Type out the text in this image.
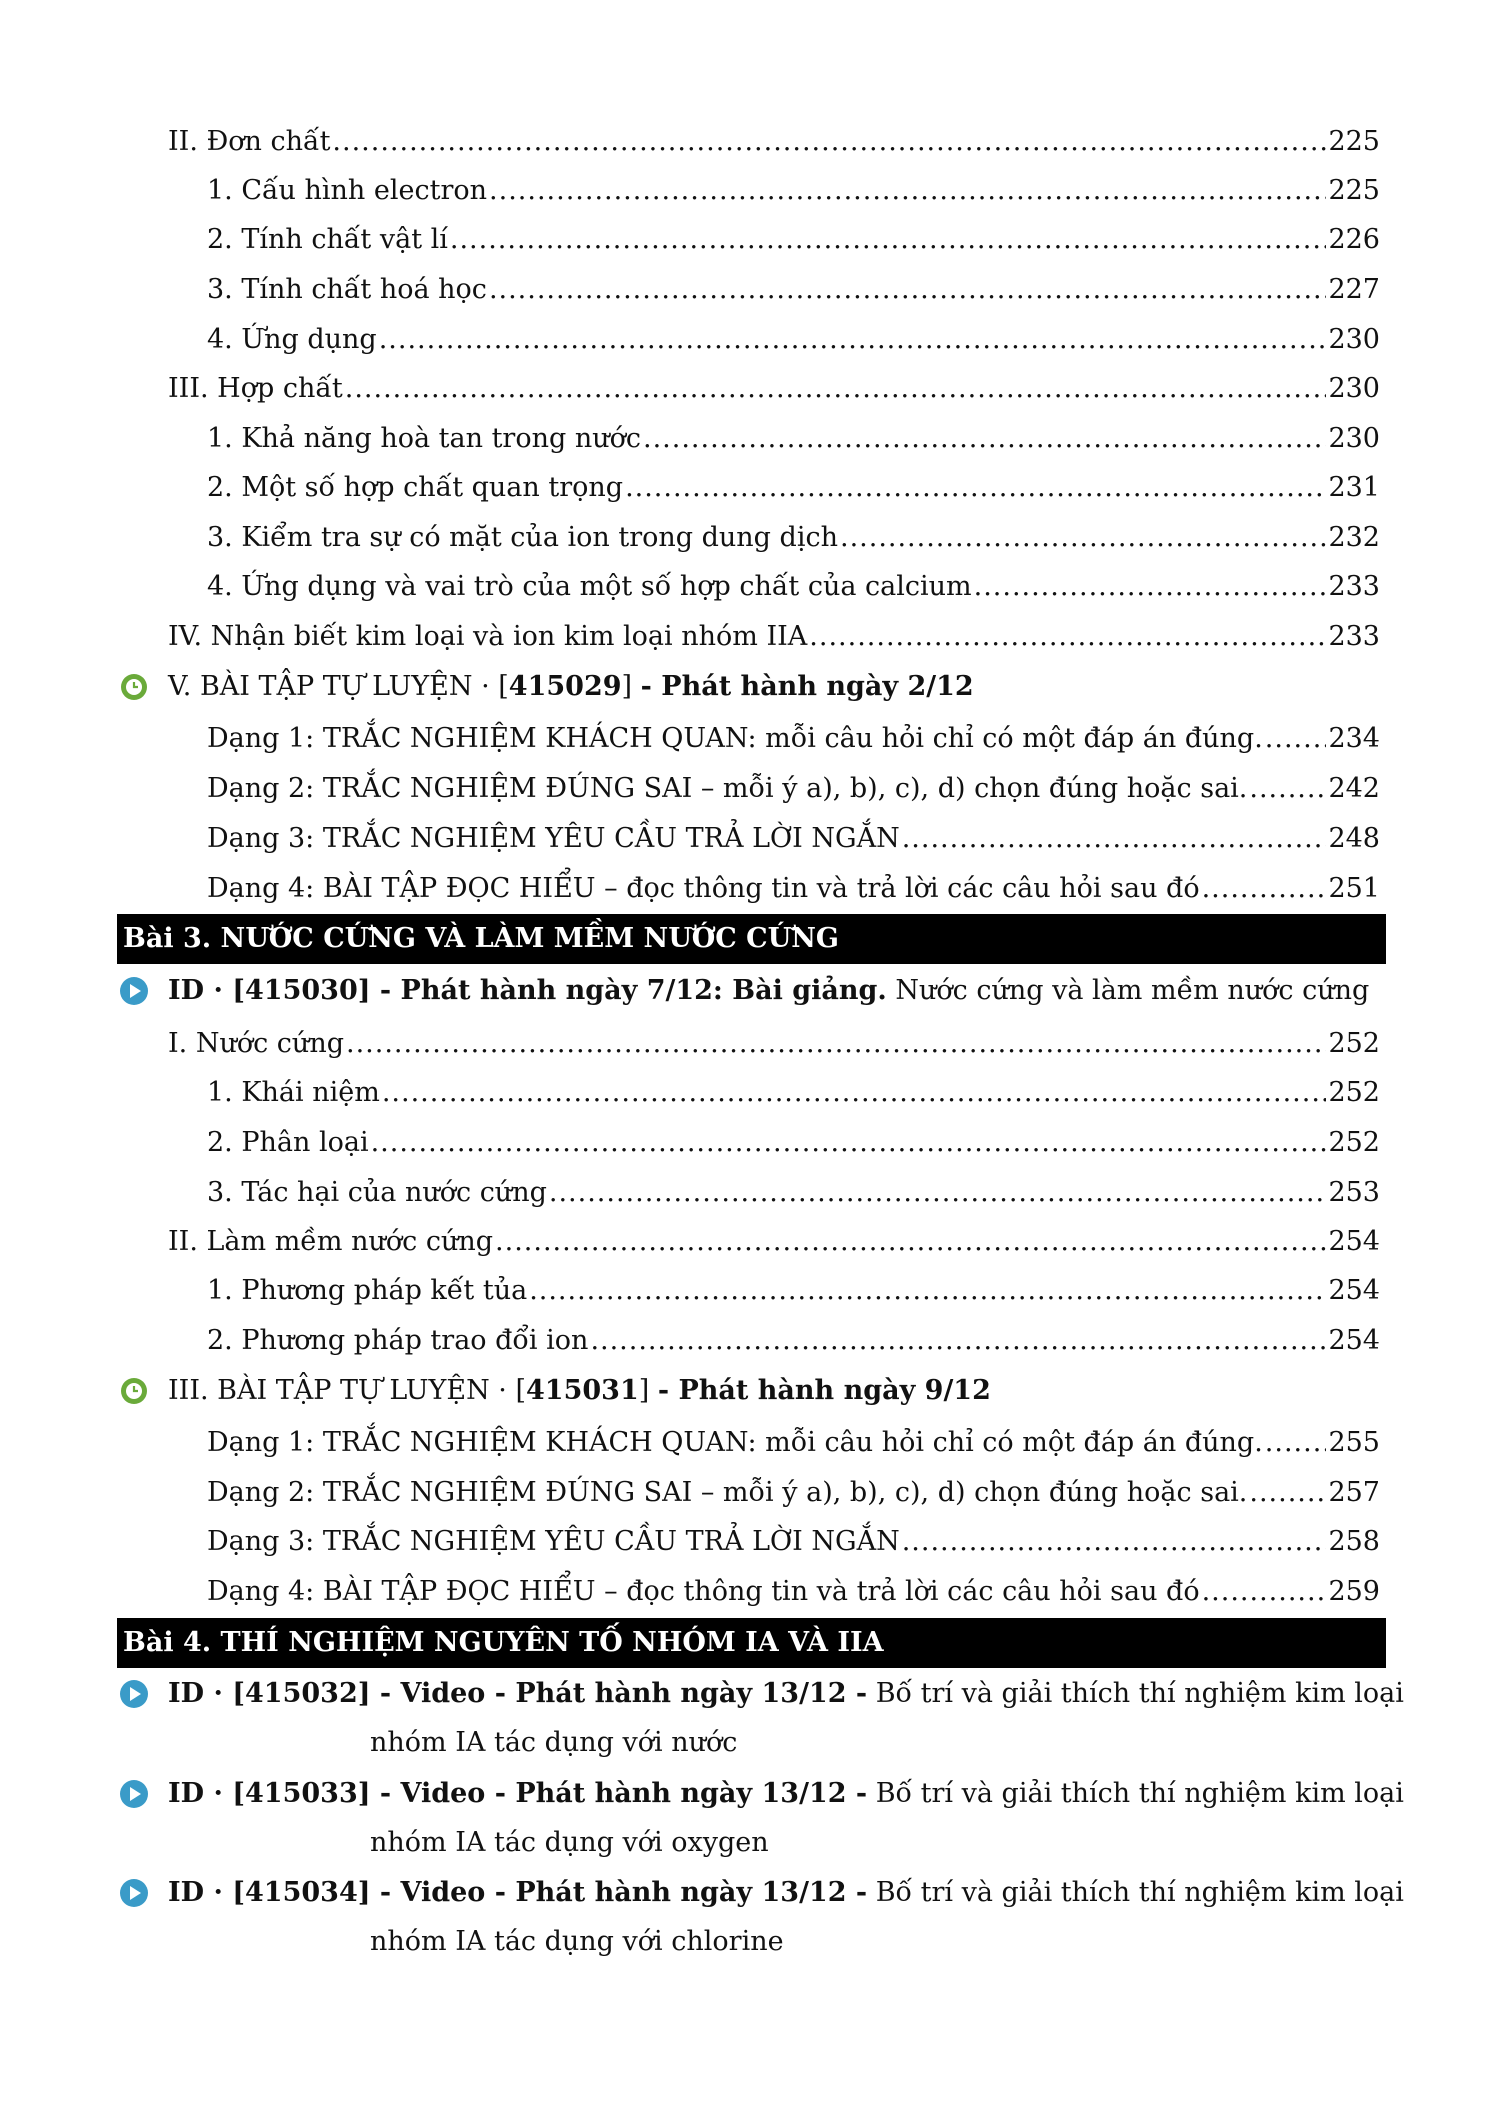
II. Đơn chất .....	225
1. Cấu hình electron .....	225
2. Tính chất vật lí .....	226
3. Tính chất hoá học .....	227
4. Ứng dụng .....	230
III. Hợp chất .....	230
1. Khả năng hoà tan trong nước .....	230
2. Một số hợp chất quan trọng .....	231
3. Kiểm tra sự có mặt của ion trong dung dịch .....	232
4. Ứng dụng và vai trò của một số hợp chất của calcium .....	233
IV. Nhận biết kim loại và ion kim loại nhóm IIA .....	233
V. BÀI TẬP TỰ LUYỆN · [415029] - Phát hành ngày 2/12
Dạng 1: TRẮC NGHIỆM KHÁCH QUAN: mỗi câu hỏi chỉ có một đáp án đúng. ..... 234
Dạng 2: TRẮC NGHIỆM ĐÚNG SAI – mỗi ý a), b), c), d) chọn đúng hoặc sai. .....	242
Dạng 3: TRẮC NGHIỆM YÊU CẦU TRẢ LỜI NGẮN .....	248
Dạng 4: BÀI TẬP ĐỌC HIỂU – đọc thông tin và trả lời các câu hỏi sau đó .....	251
Bài 3. NƯỚC CỨNG VÀ LÀM MỀM NƯỚC CỨNG
ID · [415030] - Phát hành ngày 7/12: Bài giảng. Nước cứng và làm mềm nước cứng
I. Nước cứng .....	252
1. Khái niệm .....	252
2. Phân loại .....	252
3. Tác hại của nước cứng .....	253
II. Làm mềm nước cứng .....	254
1. Phương pháp kết tủa .....	254
2. Phương pháp trao đổi ion .....	254
III. BÀI TẬP TỰ LUYỆN · [415031] - Phát hành ngày 9/12
Dạng 1: TRẮC NGHIỆM KHÁCH QUAN: mỗi câu hỏi chỉ có một đáp án đúng. ..... 255
Dạng 2: TRẮC NGHIỆM ĐÚNG SAI – mỗi ý a), b), c), d) chọn đúng hoặc sai. .....	257
Dạng 3: TRẮC NGHIỆM YÊU CẦU TRẢ LỜI NGẮN .....	258
Dạng 4: BÀI TẬP ĐỌC HIỂU – đọc thông tin và trả lời các câu hỏi sau đó .....	259
Bài 4. THÍ NGHIỆM NGUYÊN TỐ NHÓM IA VÀ IIA
ID · [415032] - Video - Phát hành ngày 13/12 - Bố trí và giải thích thí nghiệm kim loại
nhóm IA tác dụng với nước
ID · [415033] - Video - Phát hành ngày 13/12 - Bố trí và giải thích thí nghiệm kim loại
nhóm IA tác dụng với oxygen
ID · [415034] - Video - Phát hành ngày 13/12 - Bố trí và giải thích thí nghiệm kim loại
nhóm IA tác dụng với chlorine
